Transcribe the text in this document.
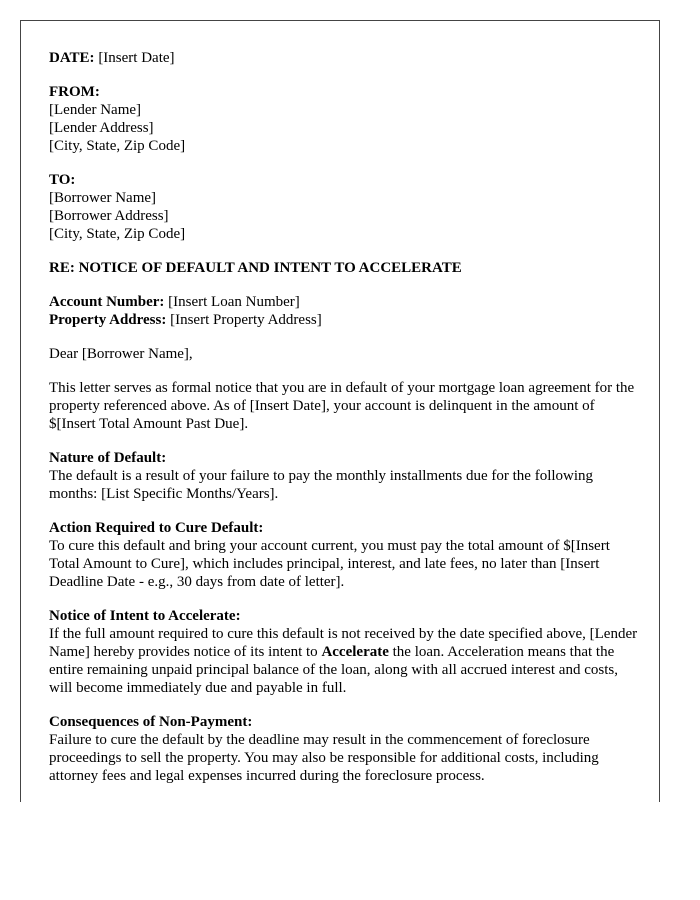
DATE: [Insert Date]
FROM:
[Lender Name]
[Lender Address]
[City, State, Zip Code]
TO:
[Borrower Name]
[Borrower Address]
[City, State, Zip Code]
RE: NOTICE OF DEFAULT AND INTENT TO ACCELERATE
Account Number: [Insert Loan Number]
Property Address: [Insert Property Address]
Dear [Borrower Name],
This letter serves as formal notice that you are in default of your mortgage loan agreement for the property referenced above. As of [Insert Date], your account is delinquent in the amount of $[Insert Total Amount Past Due].
Nature of Default:
The default is a result of your failure to pay the monthly installments due for the following months: [List Specific Months/Years].
Action Required to Cure Default:
To cure this default and bring your account current, you must pay the total amount of $[Insert Total Amount to Cure], which includes principal, interest, and late fees, no later than [Insert Deadline Date - e.g., 30 days from date of letter].
Notice of Intent to Accelerate:
If the full amount required to cure this default is not received by the date specified above, [Lender Name] hereby provides notice of its intent to Accelerate the loan. Acceleration means that the entire remaining unpaid principal balance of the loan, along with all accrued interest and costs, will become immediately due and payable in full.
Consequences of Non-Payment:
Failure to cure the default by the deadline may result in the commencement of foreclosure proceedings to sell the property. You may also be responsible for additional costs, including attorney fees and legal expenses incurred during the foreclosure process.
